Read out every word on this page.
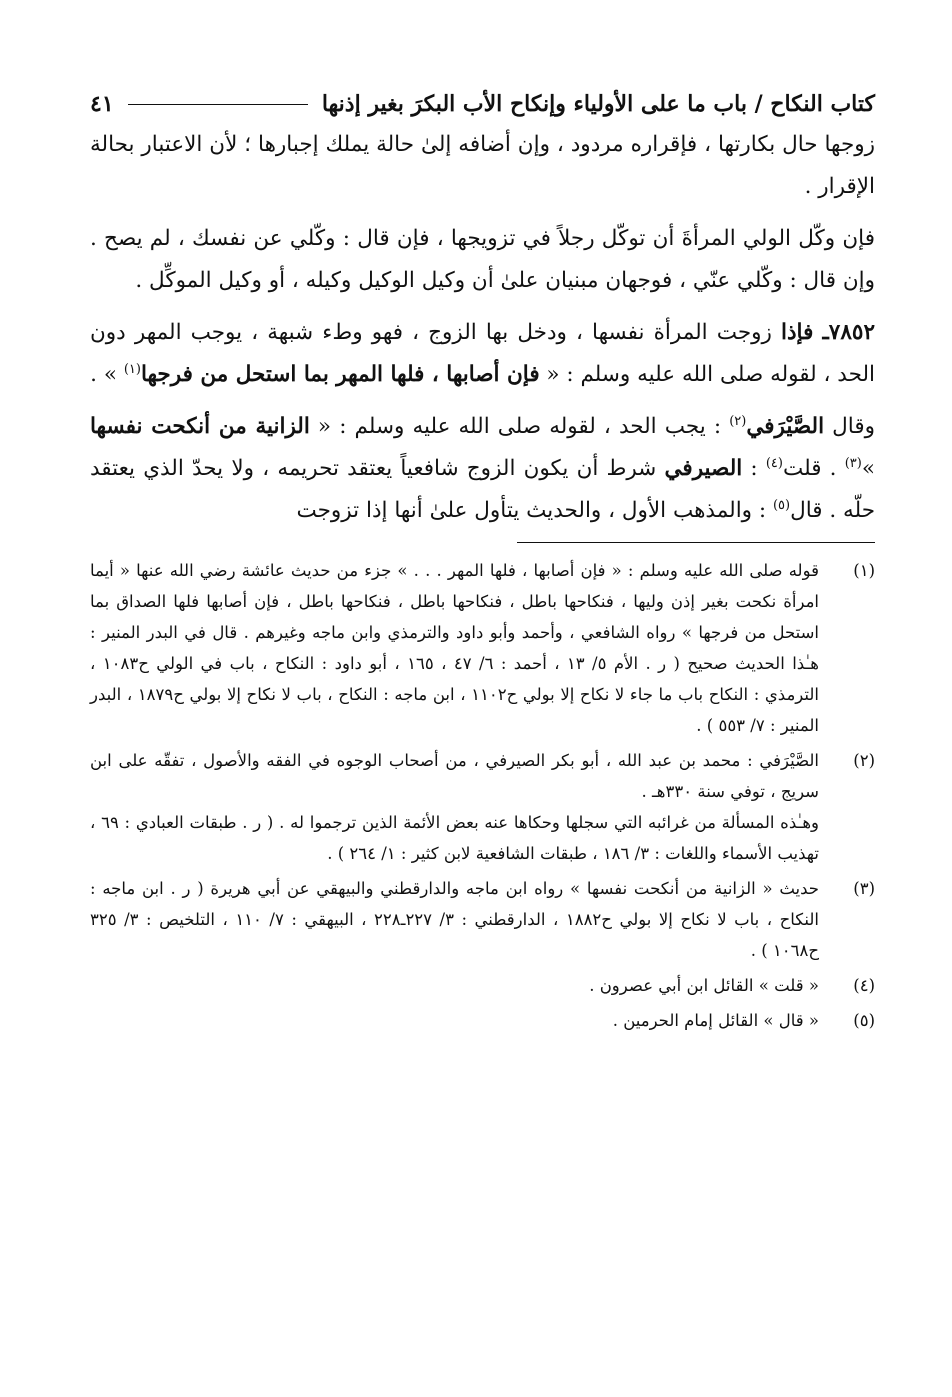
كتاب النكاح / باب ما على الأولياء وإنكاح الأب البكرَ بغير إذنها
٤١

زوجها حال بكارتها ، فإقراره مردود ، وإن أضافه إلىٰ حالة يملك إجبارها ؛ لأن الاعتبار بحالة الإقرار .

فإن وكّل الولي المرأةَ أن توكّل رجلاً في تزويجها ، فإن قال : وكّلي عن نفسك ، لم يصح . وإن قال : وكّلي عنّي ، فوجهان مبنيان علىٰ أن وكيل الوكيل وكيله ، أو وكيل الموكِّل .

٧٨٥٢ـ فإذا زوجت المرأة نفسها ، ودخل بها الزوج ، فهو وطء شبهة ، يوجب المهر دون الحد ، لقوله صلى الله عليه وسلم : « فإن أصابها ، فلها المهر بما استحل من فرجها$^{(١)}$ » .

وقال الصَّيْرَفي$^{(٢)}$ : يجب الحد ، لقوله صلى الله عليه وسلم : « الزانية من أنكحت نفسها »$^{(٣)}$ . قلت$^{(٤)}$ : الصيرفي شرط أن يكون الزوج شافعياً يعتقد تحريمه ، ولا يحدّ الذي يعتقد حلّه . قال$^{(٥)}$ : والمذهب الأول ، والحديث يتأول علىٰ أنها إذا تزوجت

(١)

قوله صلى الله عليه وسلم : « فإن أصابها ، فلها المهر . . . » جزء من حديث عائشة رضي الله عنها « أيما امرأة نكحت بغير إذن وليها ، فنكاحها باطل ، فنكاحها باطل ، فنكاحها باطل ، فإن أصابها فلها الصداق بما استحل من فرجها » رواه الشافعي ، وأحمد وأبو داود والترمذي وابن ماجه وغيرهم . قال في البدر المنير : هـٰذا الحديث صحيح ( ر . الأم ٥/ ١٣ ، أحمد : ٦/ ٤٧ ، ١٦٥ ، أبو داود : النكاح ، باب في الولي ح١٠٨٣ ، الترمذي : النكاح باب ما جاء لا نكاح إلا بولي ح١١٠٢ ، ابن ماجه : النكاح ، باب لا نكاح إلا بولي ح١٨٧٩ ، البدر المنير : ٧/ ٥٥٣ ) .

(٢)

الصَّيْرَفي : محمد بن عبد الله ، أبو بكر الصيرفي ، من أصحاب الوجوه في الفقه والأصول ، تفقّه على ابن سريج ، توفي سنة ٣٣٠هـ .

وهـٰذه المسألة من غرائبه التي سجلها وحكاها عنه بعض الأئمة الذين ترجموا له . ( ر . طبقات العبادي : ٦٩ ، تهذيب الأسماء واللغات : ٣/ ١٨٦ ، طبقات الشافعية لابن كثير : ١/ ٢٦٤ ) .

(٣)

حديث « الزانية من أنكحت نفسها » رواه ابن ماجه والدارقطني والبيهقي عن أبي هريرة ( ر . ابن ماجه : النكاح ، باب لا نكاح إلا بولي ح١٨٨٢ ، الدارقطني : ٣/ ٢٢٧ـ٢٢٨ ، البيهقي : ٧/ ١١٠ ، التلخيص : ٣/ ٣٢٥ ح١٠٦٨ ) .

(٤)

« قلت » القائل ابن أبي عصرون .

(٥)

« قال » القائل إمام الحرمين .
